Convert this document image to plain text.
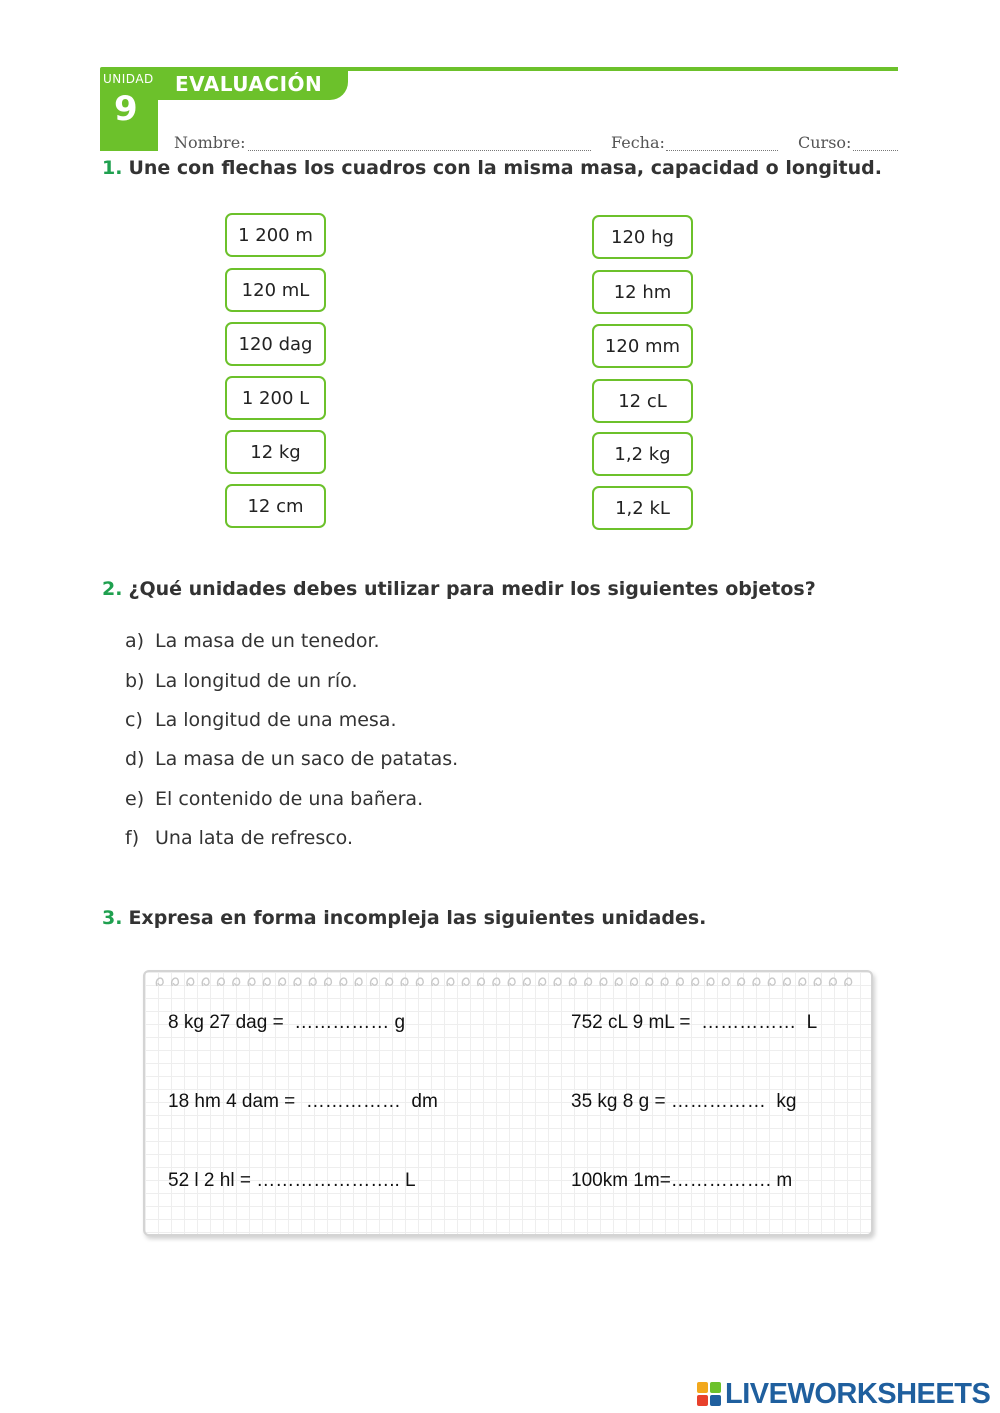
UNIDAD
9
EVALUACIÓN
Nombre:	Fecha:	Curso:
1. Une con flechas los cuadros con la misma masa, capacidad o longitud.
1 200 m
120 mL
120 dag
1 200 L
12 kg
12 cm
120 hg
12 hm
120 mm
12 cL
1,2 kg
1,2 kL
2. ¿Qué unidades debes utilizar para medir los siguientes objetos?
a) La masa de un tenedor.
b) La longitud de un río.
c) La longitud de una mesa.
d) La masa de un saco de patatas.
e) El contenido de una bañera.
f) Una lata de refresco.
3. Expresa en forma incompleja las siguientes unidades.
8 kg 27 dag =  …………… g	752 cL 9 mL =  ……………  L
18 hm 4 dam =  ……………  dm	35 kg 8 g = ……………  kg
52 l 2 hl = ………………….. L	100km 1m=……………. m
LIVEWORKSHEETS
